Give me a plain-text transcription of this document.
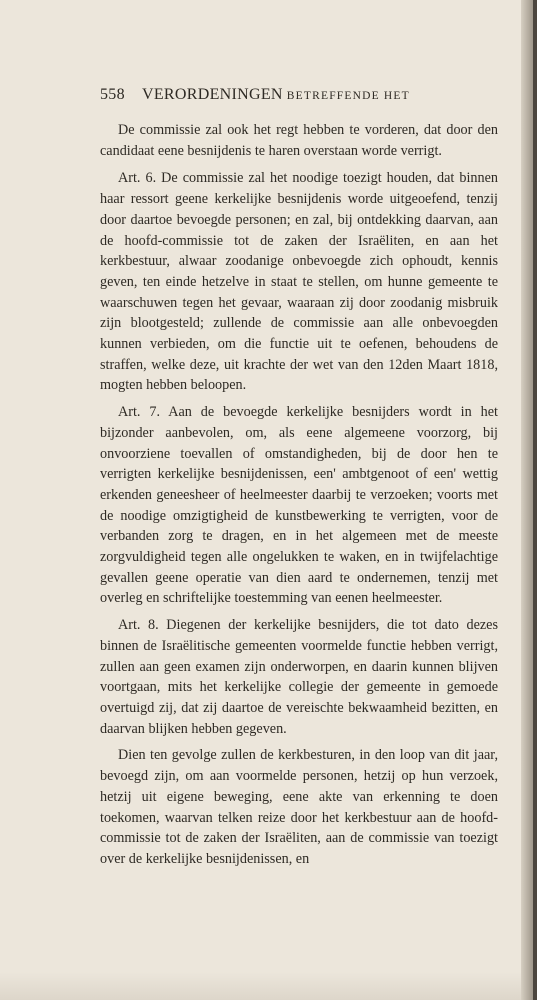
558 VERORDENINGEN BETREFFENDE HET

De commissie zal ook het regt hebben te vorderen, dat door den candidaat eene besnijdenis te haren overstaan worde verrigt.

Art. 6. De commissie zal het noodige toezigt houden, dat binnen haar ressort geene kerkelijke besnijdenis worde uitgeoefend, tenzij door daartoe bevoegde personen; en zal, bij ontdekking daarvan, aan de hoofd-commissie tot de zaken der Israëliten, en aan het kerkbestuur, alwaar zoodanige onbevoegde zich ophoudt, kennis geven, ten einde hetzelve in staat te stellen, om hunne gemeente te waarschuwen tegen het gevaar, waaraan zij door zoodanig misbruik zijn blootgesteld; zullende de commissie aan alle onbevoegden kunnen verbieden, om die functie uit te oefenen, behoudens de straffen, welke deze, uit krachte der wet van den 12den Maart 1818, mogten hebben beloopen.

Art. 7. Aan de bevoegde kerkelijke besnijders wordt in het bijzonder aanbevolen, om, als eene algemeene voorzorg, bij onvoorziene toevallen of omstandigheden, bij de door hen te verrigten kerkelijke besnijdenissen, een' ambtgenoot of een' wettig erkenden geneesheer of heelmeester daarbij te verzoeken; voorts met de noodige omzigtigheid de kunstbewerking te verrigten, voor de verbanden zorg te dragen, en in het algemeen met de meeste zorgvuldigheid tegen alle ongelukken te waken, en in twijfelachtige gevallen geene operatie van dien aard te ondernemen, tenzij met overleg en schriftelijke toestemming van eenen heelmeester.

Art. 8. Diegenen der kerkelijke besnijders, die tot dato dezes binnen de Israëlitische gemeenten voormelde functie hebben verrigt, zullen aan geen examen zijn onderworpen, en daarin kunnen blijven voortgaan, mits het kerkelijke collegie der gemeente in gemoede overtuigd zij, dat zij daartoe de vereischte bekwaamheid bezitten, en daarvan blijken hebben gegeven.

Dien ten gevolge zullen de kerkbesturen, in den loop van dit jaar, bevoegd zijn, om aan voormelde personen, hetzij op hun verzoek, hetzij uit eigene beweging, eene akte van erkenning te doen toekomen, waarvan telken reize door het kerkbestuur aan de hoofd-commissie tot de zaken der Israëliten, aan de commissie van toezigt over de kerkelijke besnijdenissen, en
